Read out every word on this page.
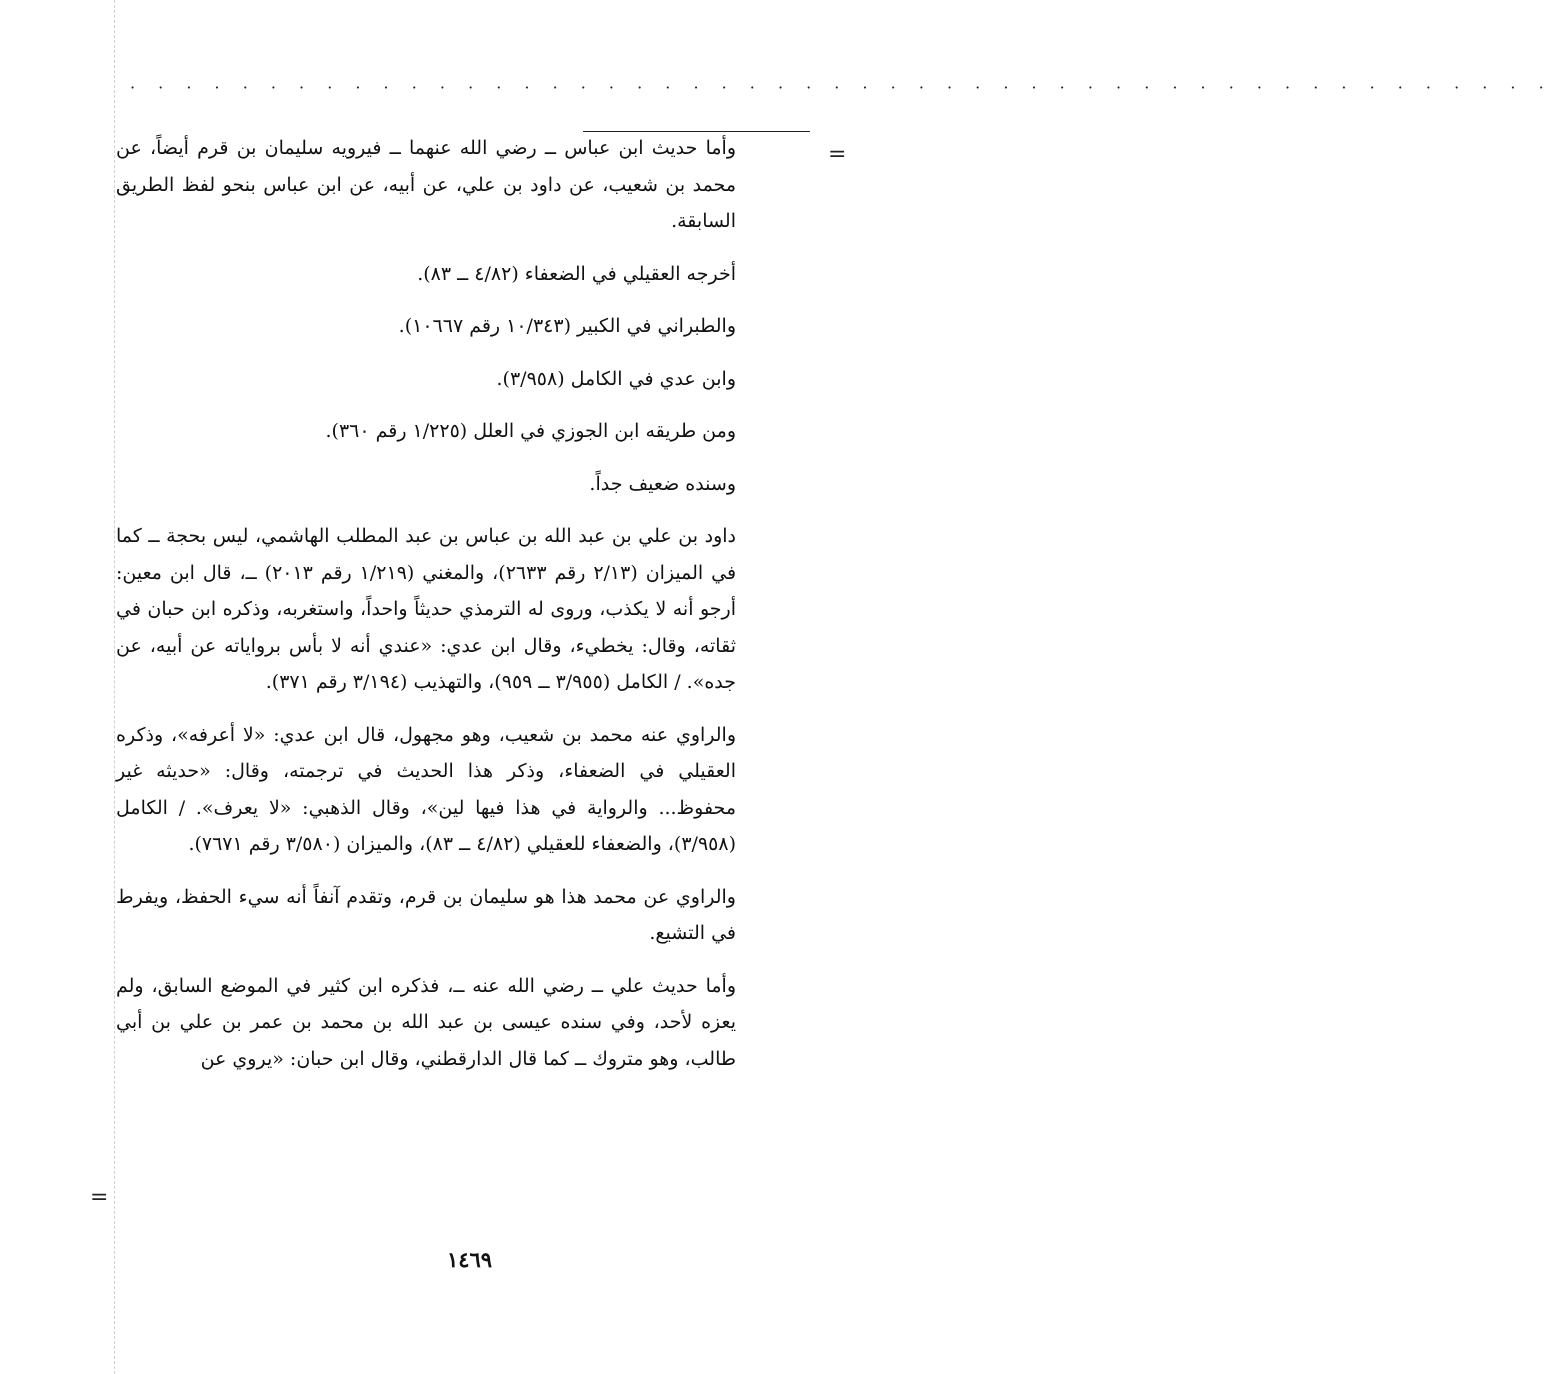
· · · · · · · · · · · · · · · · · · · · · · · · · · · · · · · · · · · · · · · · · · · · · · · · · · ·
=

وأما حديث ابن عباس ــ رضي الله عنهما ــ فيرويه سليمان بن قرم أيضاً، عن محمد بن شعيب، عن داود بن علي، عن أبيه، عن ابن عباس بنحو لفظ الطريق السابقة.

أخرجه العقيلي في الضعفاء (٤/٨٢ ــ ٨٣).

والطبراني في الكبير (١٠/٣٤٣ رقم ١٠٦٦٧).

وابن عدي في الكامل (٣/٩٥٨).

ومن طريقه ابن الجوزي في العلل (١/٢٢٥ رقم ٣٦٠).

وسنده ضعيف جداً.

داود بن علي بن عبد الله بن عباس بن عبد المطلب الهاشمي، ليس بحجة ــ كما في الميزان (٢/١٣ رقم ٢٦٣٣)، والمغني (١/٢١٩ رقم ٢٠١٣) ــ، قال ابن معين: أرجو أنه لا يكذب، وروى له الترمذي حديثاً واحداً، واستغربه، وذكره ابن حبان في ثقاته، وقال: يخطيء، وقال ابن عدي: «عندي أنه لا بأس برواياته عن أبيه، عن جده». / الكامل (٣/٩٥٥ ــ ٩٥٩)، والتهذيب (٣/١٩٤ رقم ٣٧١).

والراوي عنه محمد بن شعيب، وهو مجهول، قال ابن عدي: «لا أعرفه»، وذكره العقيلي في الضعفاء، وذكر هذا الحديث في ترجمته، وقال: «حديثه غير محفوظ... والرواية في هذا فيها لين»، وقال الذهبي: «لا يعرف». / الكامل (٣/٩٥٨)، والضعفاء للعقيلي (٤/٨٢ ــ ٨٣)، والميزان (٣/٥٨٠ رقم ٧٦٧١).

والراوي عن محمد هذا هو سليمان بن قرم، وتقدم آنفاً أنه سيء الحفظ، ويفرط في التشيع.

وأما حديث علي ــ رضي الله عنه ــ، فذكره ابن كثير في الموضع السابق، ولم يعزه لأحد، وفي سنده عيسى بن عبد الله بن محمد بن عمر بن علي بن أبي طالب، وهو متروك ــ كما قال الدارقطني، وقال ابن حبان: «يروي عن

=
١٤٦٩
